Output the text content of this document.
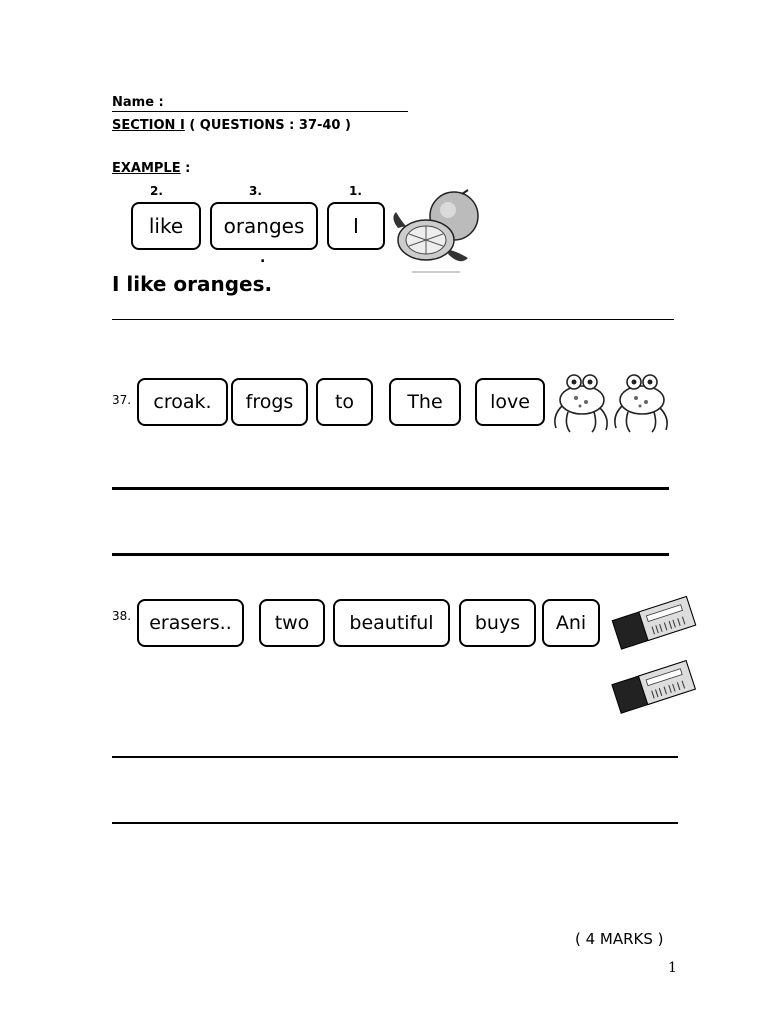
Name :
SECTION I ( QUESTIONS : 37-40 )
EXAMPLE :
2.	3.	1.
like	oranges	I
.
I like oranges.
37.	croak.	frogs	to	The	love
38. erasers..	two	beautiful	buys	Ani
( 4 MARKS )
1
